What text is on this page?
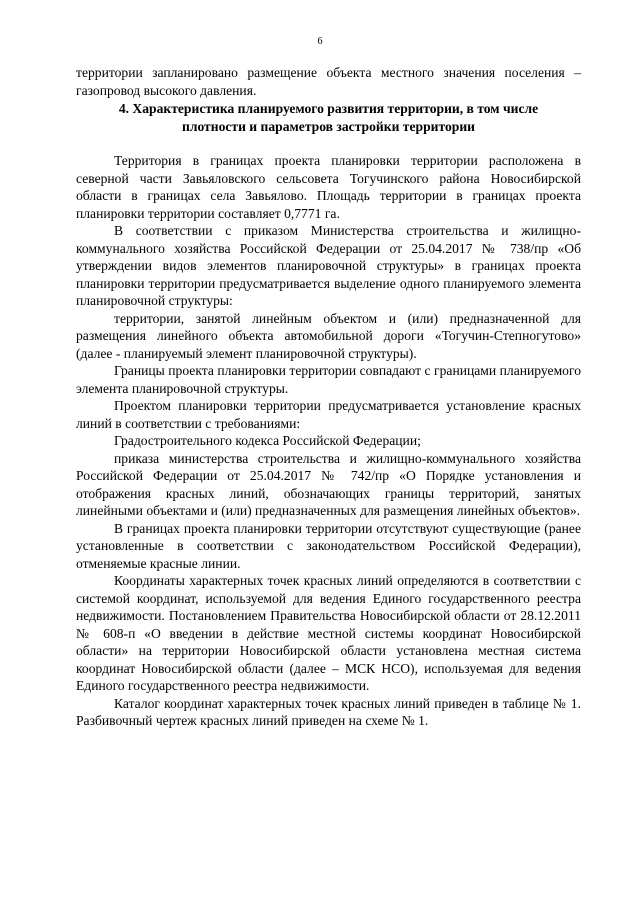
6

территории запланировано размещение объекта местного значения поселения –

газопровод высокого давления.

4. Характеристика планируемого развития территории, в том числе
плотности и параметров застройки территории

Территория в границах проекта планировки территории расположена в северной части Завьяловского сельсовета Тогучинского района Новосибирской области в границах села Завьялово. Площадь территории в границах проекта планировки территории составляет 0,7771 га.

В соответствии с приказом Министерства строительства и жилищно-коммунального хозяйства Российской Федерации от 25.04.2017 № 738/пр «Об утверждении видов элементов планировочной структуры» в границах проекта планировки территории предусматривается выделение одного планируемого элемента планировочной структуры:

территории, занятой линейным объектом и (или) предназначенной для размещения линейного объекта автомобильной дороги «Тогучин-Степногутово» (далее - планируемый элемент планировочной структуры).

Границы проекта планировки территории совпадают с границами планируемого элемента планировочной структуры.

Проектом планировки территории предусматривается установление красных линий в соответствии с требованиями:

Градостроительного кодекса Российской Федерации;

приказа министерства строительства и жилищно-коммунального хозяйства Российской Федерации от 25.04.2017 № 742/пр «О Порядке установления и отображения красных линий, обозначающих границы территорий, занятых линейными объектами и (или) предназначенных для размещения линейных объектов».

В границах проекта планировки территории отсутствуют существующие (ранее установленные в соответствии с законодательством Российской Федерации), отменяемые красные линии.

Координаты характерных точек красных линий определяются в соответствии с системой координат, используемой для ведения Единого государственного реестра недвижимости. Постановлением Правительства Новосибирской области от 28.12.2011 № 608-п «О введении в действие местной системы координат Новосибирской области» на территории Новосибирской области установлена местная система координат Новосибирской области (далее – МСК НСО), используемая для ведения Единого государственного реестра недвижимости.

Каталог координат характерных точек красных линий приведен в таблице № 1. Разбивочный чертеж красных линий приведен на схеме № 1.
